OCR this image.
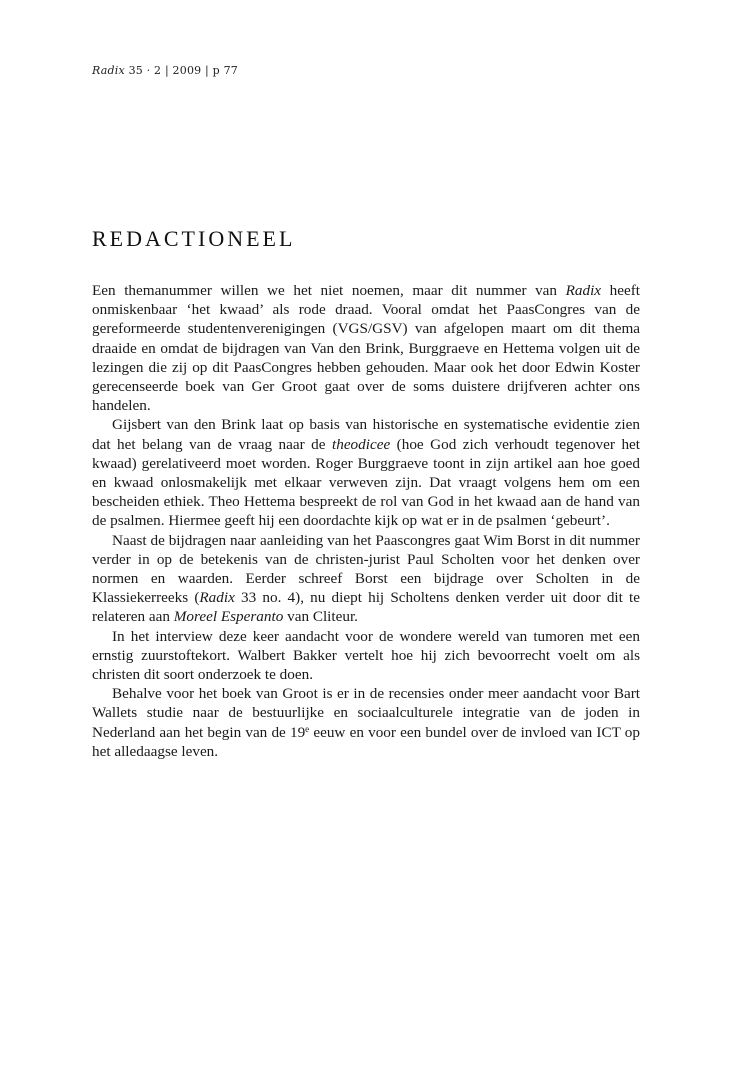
Radix 35 · 2 | 2009 | p 77
REDACTIONEEL

Een themanummer willen we het niet noemen, maar dit nummer van Radix heeft onmiskenbaar ‘het kwaad’ als rode draad. Vooral omdat het PaasCongres van de gereformeerde studentenverenigingen (VGS/GSV) van afgelopen maart om dit thema draaide en omdat de bijdragen van Van den Brink, Burggraeve en Hettema volgen uit de lezingen die zij op dit PaasCongres hebben gehouden. Maar ook het door Edwin Koster gerecenseerde boek van Ger Groot gaat over de soms duistere drijfveren achter ons handelen.

Gijsbert van den Brink laat op basis van historische en systematische evidentie zien dat het belang van de vraag naar de theodicee (hoe God zich verhoudt tegenover het kwaad) gerelativeerd moet worden. Roger Burggraeve toont in zijn artikel aan hoe goed en kwaad onlosmakelijk met elkaar verweven zijn. Dat vraagt volgens hem om een bescheiden ethiek. Theo Hettema bespreekt de rol van God in het kwaad aan de hand van de psalmen. Hiermee geeft hij een doordachte kijk op wat er in de psalmen ‘gebeurt’.

Naast de bijdragen naar aanleiding van het Paascongres gaat Wim Borst in dit nummer verder in op de betekenis van de christen-jurist Paul Scholten voor het denken over normen en waarden. Eerder schreef Borst een bijdrage over Scholten in de Klassiekerreeks (Radix 33 no. 4), nu diept hij Scholtens denken verder uit door dit te relateren aan Moreel Esperanto van Cliteur.

In het interview deze keer aandacht voor de wondere wereld van tumoren met een ernstig zuurstoftekort. Walbert Bakker vertelt hoe hij zich bevoorrecht voelt om als christen dit soort onderzoek te doen.

Behalve voor het boek van Groot is er in de recensies onder meer aandacht voor Bart Wallets studie naar de bestuurlijke en sociaalculturele integratie van de joden in Nederland aan het begin van de 19e eeuw en voor een bundel over de invloed van ICT op het alledaagse leven.
